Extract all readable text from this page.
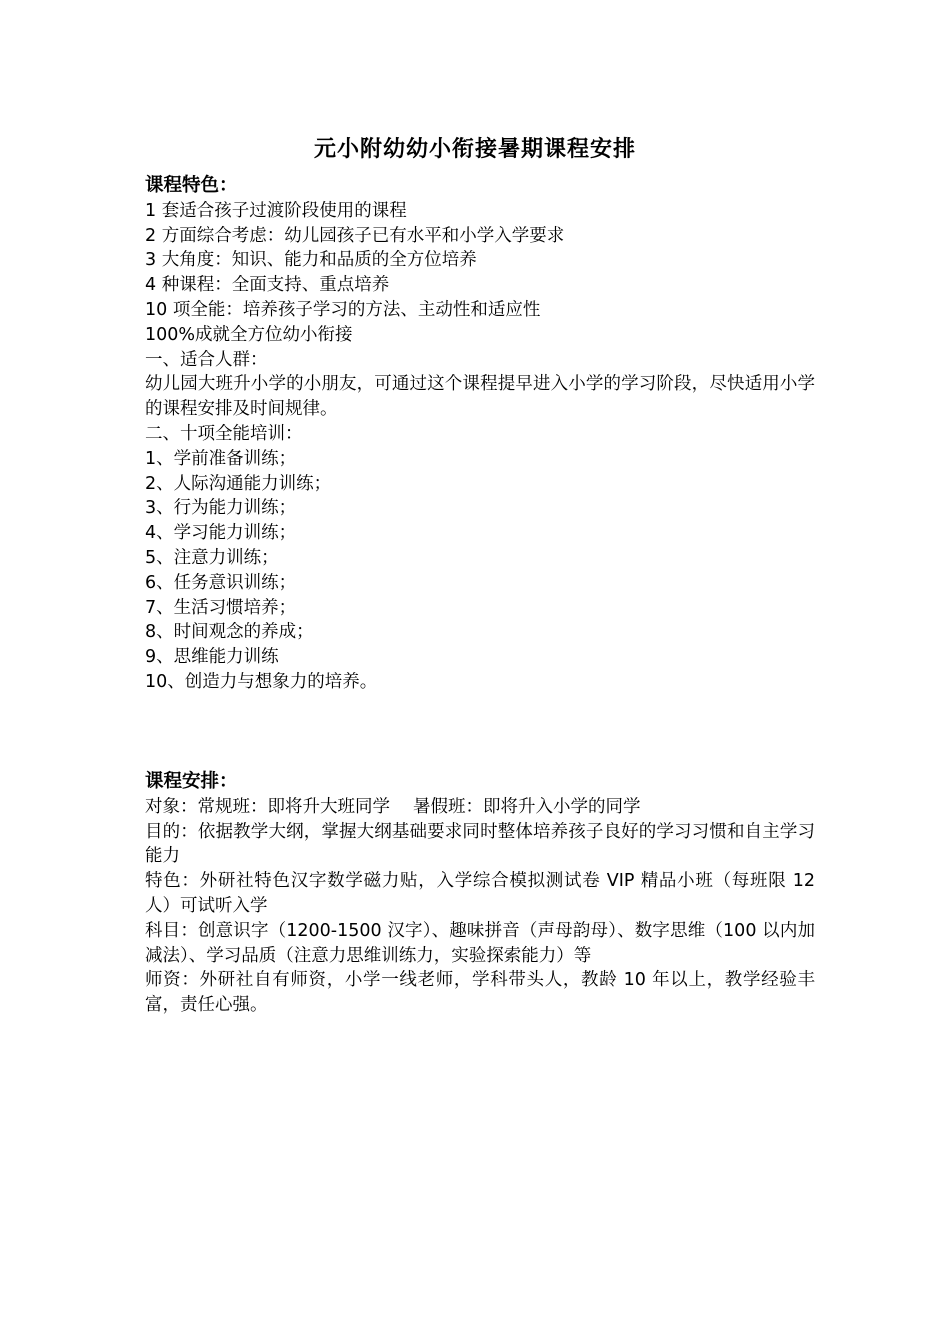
元小附幼幼小衔接暑期课程安排
课程特色：
1 套适合孩子过渡阶段使用的课程
2 方面综合考虑：幼儿园孩子已有水平和小学入学要求
3 大角度：知识、能力和品质的全方位培养
4 种课程：全面支持、重点培养
10 项全能：培养孩子学习的方法、主动性和适应性
100%成就全方位幼小衔接
一、适合人群：
幼儿园大班升小学的小朋友，可通过这个课程提早进入小学的学习阶段，尽快适用小学的课程安排及时间规律。
二、十项全能培训：
1、学前准备训练；
2、人际沟通能力训练；
3、行为能力训练；
4、学习能力训练；
5、注意力训练；
6、任务意识训练；
7、生活习惯培养；
8、时间观念的养成；
9、思维能力训练
10、创造力与想象力的培养。
课程安排：
对象：常规班：即将升大班同学　 暑假班：即将升入小学的同学
目的：依据教学大纲，掌握大纲基础要求同时整体培养孩子良好的学习习惯和自主学习能力
特色：外研社特色汉字数学磁力贴，入学综合模拟测试卷 VIP 精品小班（每班限 12 人）可试听入学
科目：创意识字（1200-1500 汉字）、趣味拼音（声母韵母）、数字思维（100 以内加减法）、学习品质（注意力思维训练力，实验探索能力）等
师资：外研社自有师资，小学一线老师，学科带头人，教龄 10 年以上，教学经验丰富，责任心强。
